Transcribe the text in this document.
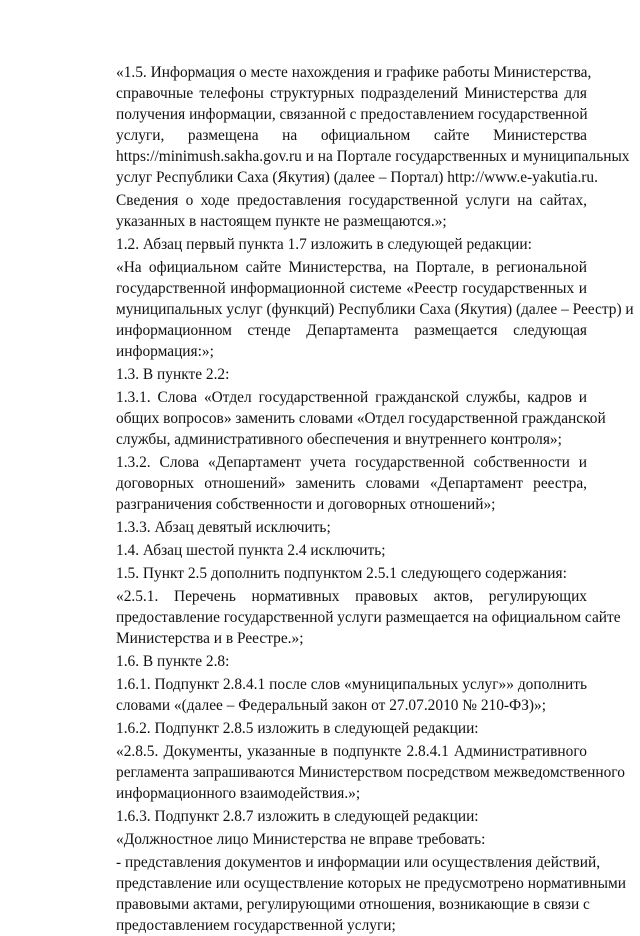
«1.5. Информация о месте нахождения и графике работы Министерства,
справочные телефоны структурных подразделений Министерства для
получения информации, связанной с предоставлением государственной
услуги, размещена на официальном сайте Министерства
https://minimush.sakha.gov.ru и на Портале государственных и муниципальных
услуг Республики Саха (Якутия) (далее – Портал) http://www.e-yakutia.ru.

Сведения о ходе предоставления государственной услуги на сайтах,
указанных в настоящем пункте не размещаются.»;

1.2. Абзац первый пункта 1.7 изложить в следующей редакции:

«На официальном сайте Министерства, на Портале, в региональной
государственной информационной системе «Реестр государственных и
муниципальных услуг (функций) Республики Саха (Якутия) (далее – Реестр) и
информационном стенде Департамента размещается следующая
информация:»;

1.3. В пункте 2.2:

1.3.1. Слова «Отдел государственной гражданской службы, кадров и
общих вопросов» заменить словами «Отдел государственной гражданской
службы, административного обеспечения и внутреннего контроля»;

1.3.2. Слова «Департамент учета государственной собственности и
договорных отношений» заменить словами «Департамент реестра,
разграничения собственности и договорных отношений»;

1.3.3. Абзац девятый исключить;

1.4. Абзац шестой пункта 2.4 исключить;

1.5. Пункт 2.5 дополнить подпунктом 2.5.1 следующего содержания:

«2.5.1. Перечень нормативных правовых актов, регулирующих
предоставление государственной услуги размещается на официальном сайте
Министерства и в Реестре.»;

1.6. В пункте 2.8:

1.6.1. Подпункт 2.8.4.1 после слов «муниципальных услуг»» дополнить
словами «(далее – Федеральный закон от 27.07.2010 № 210-ФЗ)»;

1.6.2. Подпункт 2.8.5 изложить в следующей редакции:

«2.8.5. Документы, указанные в подпункте 2.8.4.1 Административного
регламента запрашиваются Министерством посредством межведомственного
информационного взаимодействия.»;

1.6.3. Подпункт 2.8.7 изложить в следующей редакции:

«Должностное лицо Министерства не вправе требовать:

- представления документов и информации или осуществления действий,
представление или осуществление которых не предусмотрено нормативными
правовыми актами, регулирующими отношения, возникающие в связи с
предоставлением государственной услуги;
